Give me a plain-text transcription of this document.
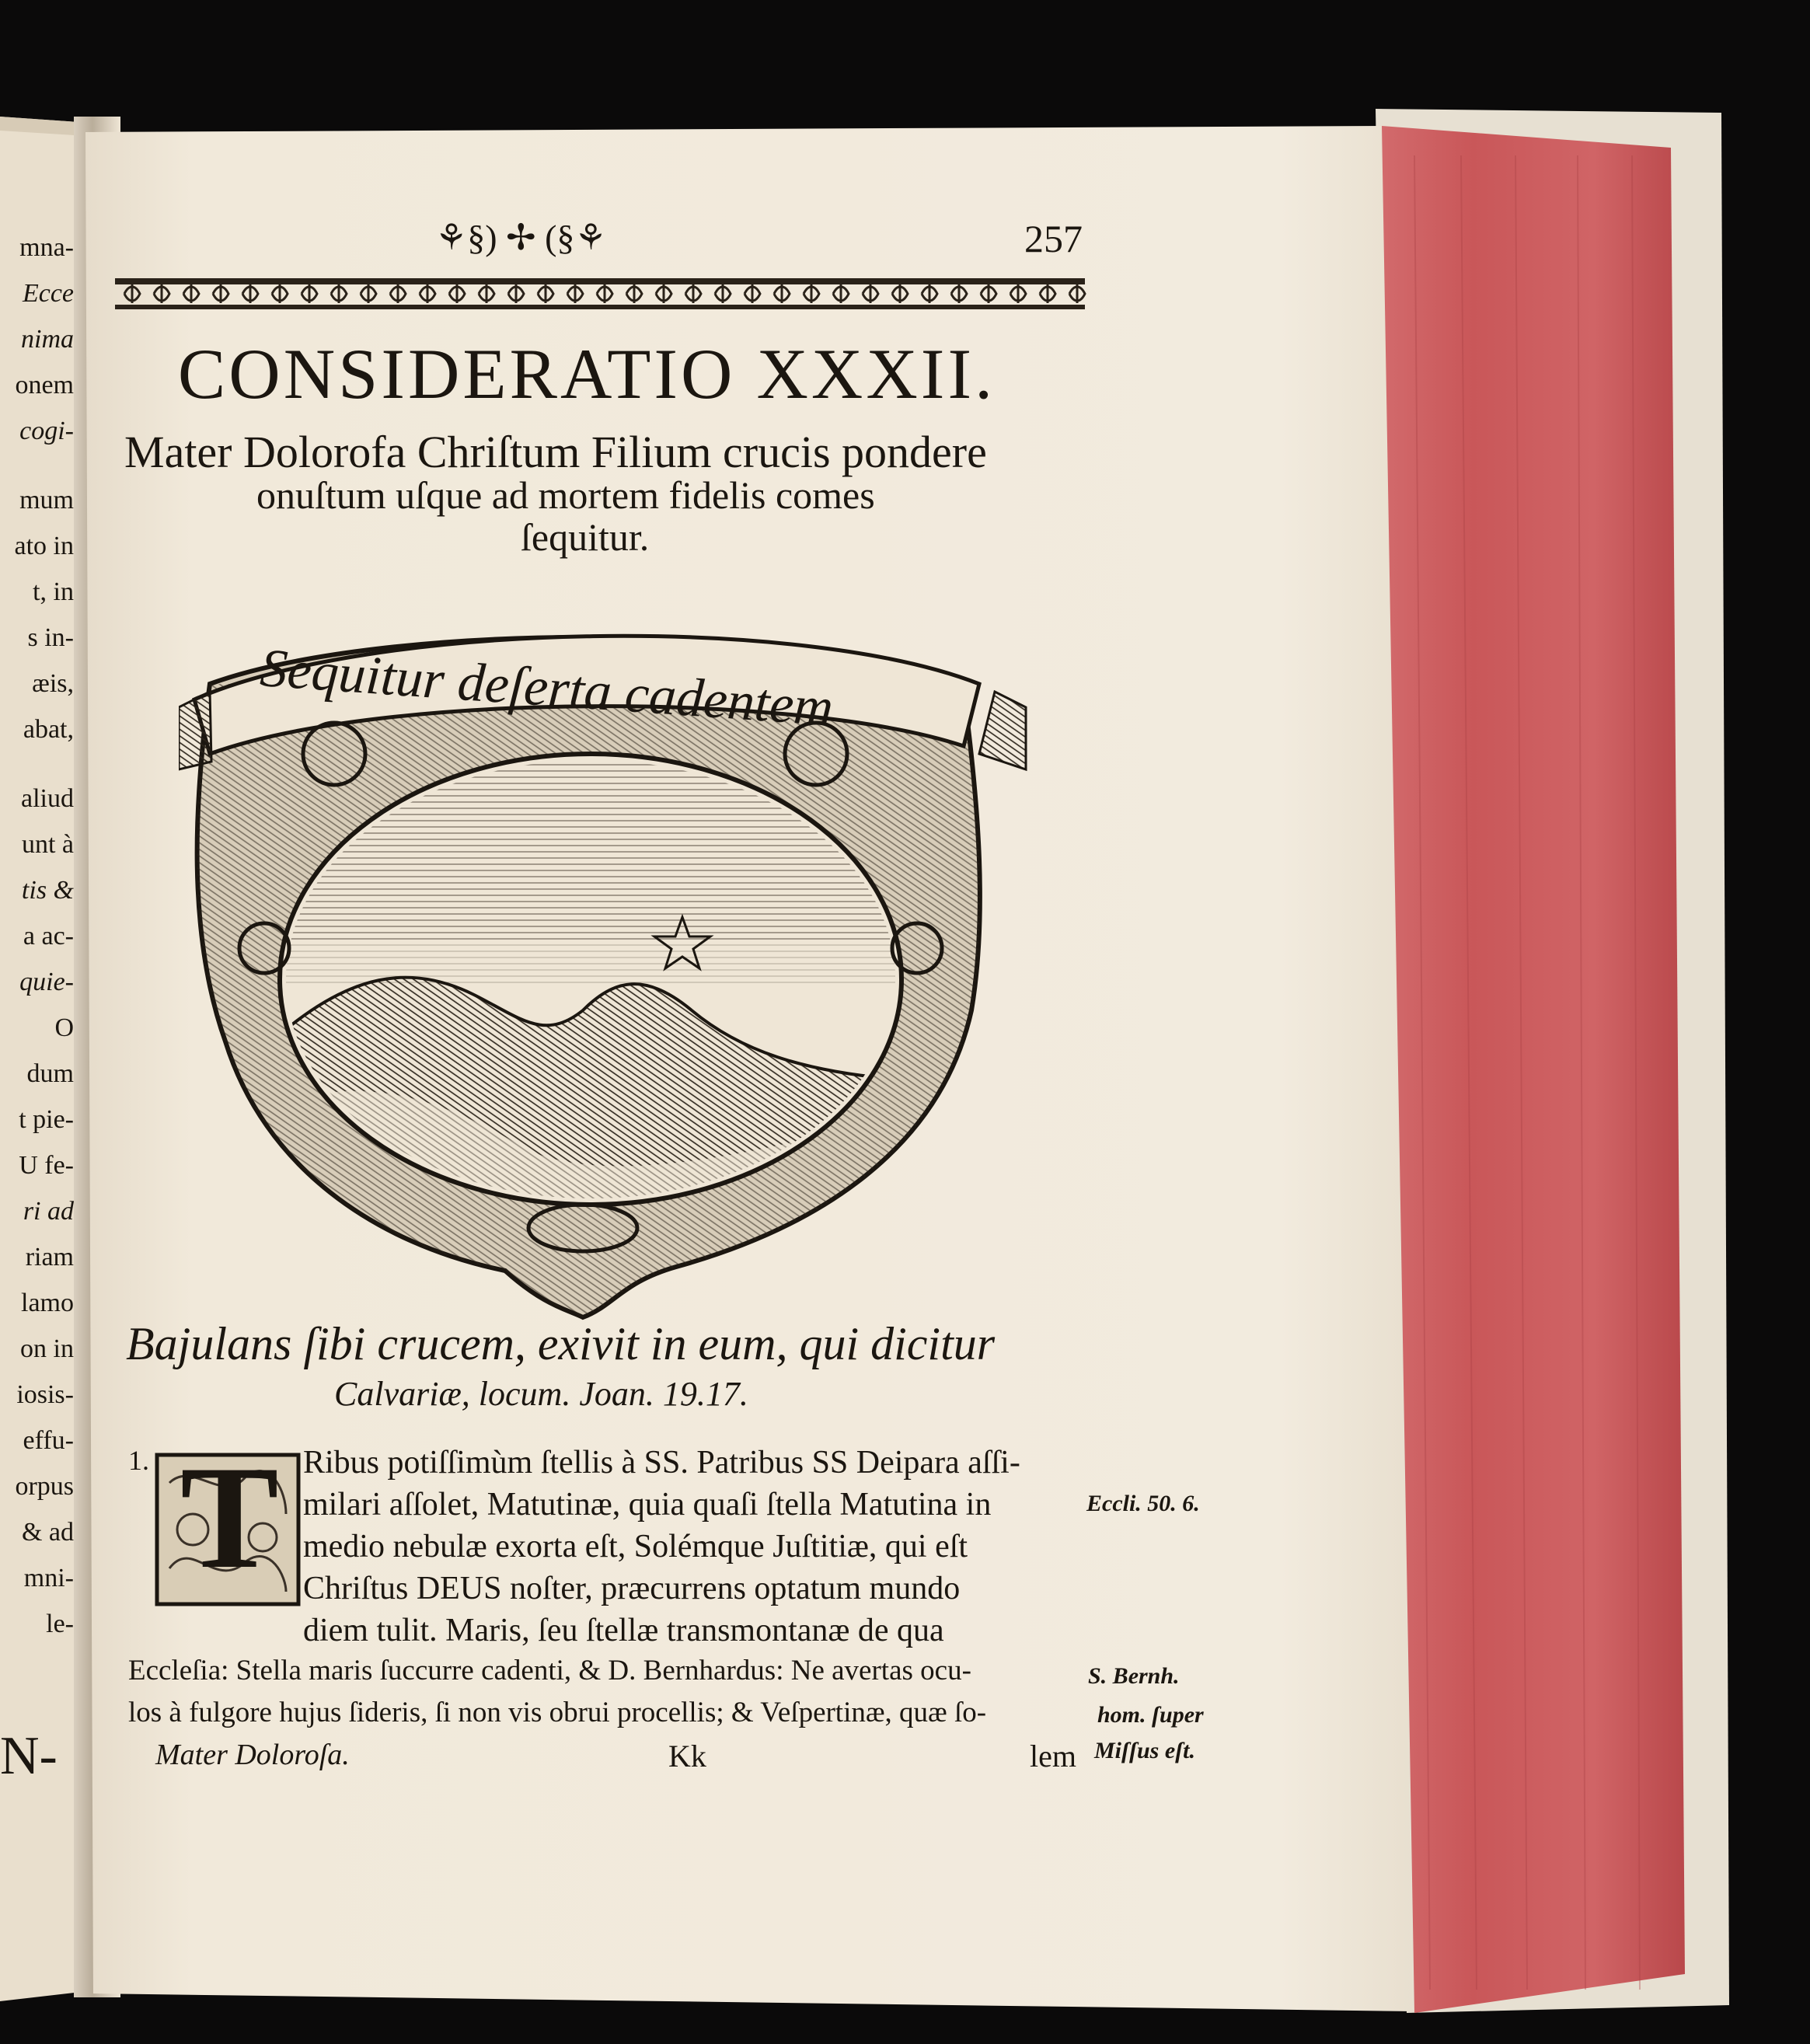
mna-
Ecce
nima
onem
cogi-
mum
ato in
t, in
s in-
æis,
abat,
aliud
unt à
tis &
a ac-
quie-
O
dum
t pie-
U fe-
ri ad
riam
lamo
on in
iosis-
effu-
orpus
& ad
mni-
le-
N-
⚘§) ✢ (§⚘	257
CONSIDERATIO XXXII.
Mater Dolorofa Chriſtum Filium crucis pondere
onuſtum uſque ad mortem fidelis comes
ſequitur.
Sequitur deſerta cadentem
Bajulans ſibi crucem, exivit in eum, qui dicitur
Calvariæ, locum. Joan. 19.17.
1. T Ribus potiſſimùm ſtellis à SS. Patribus SS Deipara aſſi-
milari aſſolet, Matutinæ, quia quaſi ſtella Matutina in
medio nebulæ exorta eſt, Solémque Juſtitiæ, qui eſt
Chriſtus DEUS noſter, præcurrens optatum mundo
diem tulit. Maris, ſeu ſtellæ transmontanæ de qua
Eccleſia: Stella maris ſuccurre cadenti, & D. Bernhardus: Ne avertas ocu-
los à fulgore hujus ſideris, ſi non vis obrui procellis; & Veſpertinæ, quæ ſo-
Mater Doloroſa.	Kk	lem
Eccli. 50. 6.
S. Bernh.
hom. ſuper
Miſſus eſt.
